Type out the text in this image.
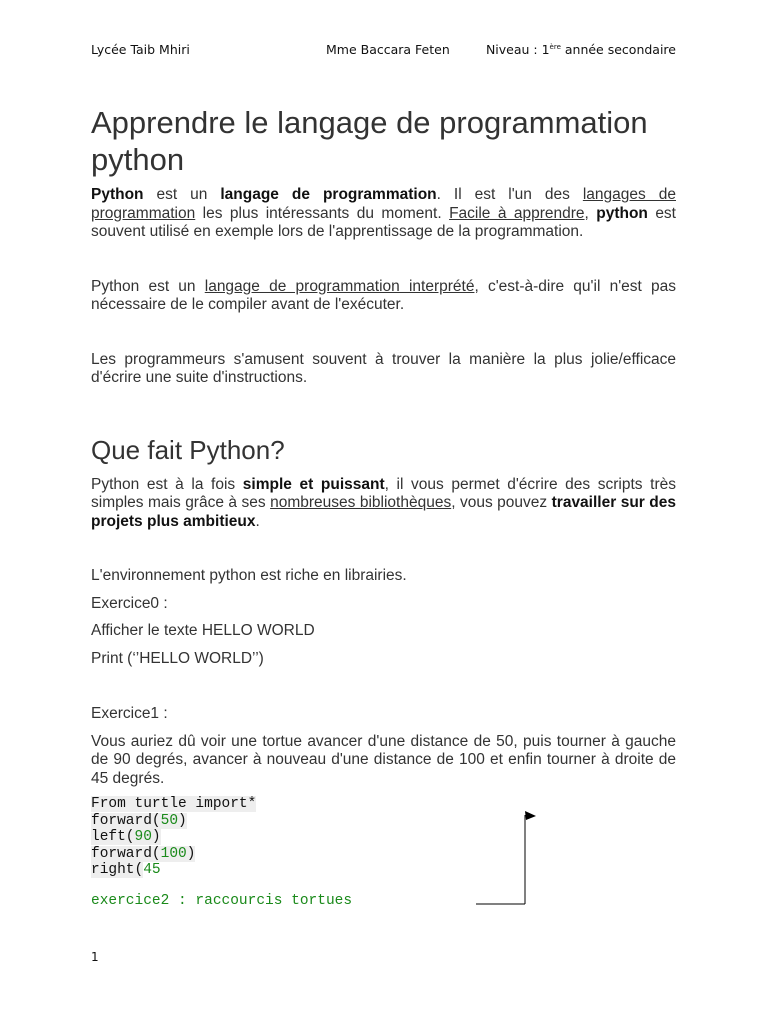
Lycée Taib Mhiri	Mme Baccara Feten	Niveau : 1ère année secondaire
Apprendre le langage de programmation python

Python est un langage de programmation. Il est l'un des langages de programmation les plus intéressants du moment. Facile à apprendre, python est souvent utilisé en exemple lors de l'apprentissage de la programmation.

Python est un langage de programmation interprété, c'est-à-dire qu'il n'est pas nécessaire de le compiler avant de l'exécuter.

Les programmeurs s'amusent souvent à trouver la manière la plus jolie/efficace d'écrire une suite d'instructions.

Que fait Python?

Python est à la fois simple et puissant, il vous permet d'écrire des scripts très simples mais grâce à ses nombreuses bibliothèques, vous pouvez travailler sur des projets plus ambitieux.

L'environnement python est riche en librairies.

Exercice0 :

Afficher le texte HELLO WORLD

Print (‘’HELLO WORLD’’)

Exercice1 :

Vous auriez dû voir une tortue avancer d'une distance de 50, puis tourner à gauche de 90 degrés, avancer à nouveau d'une distance de 100 et enfin tourner à droite de 45 degrés.

From turtle import*
forward(50)
left(90)
forward(100)
right(45

exercice2 : raccourcis tortues

1
